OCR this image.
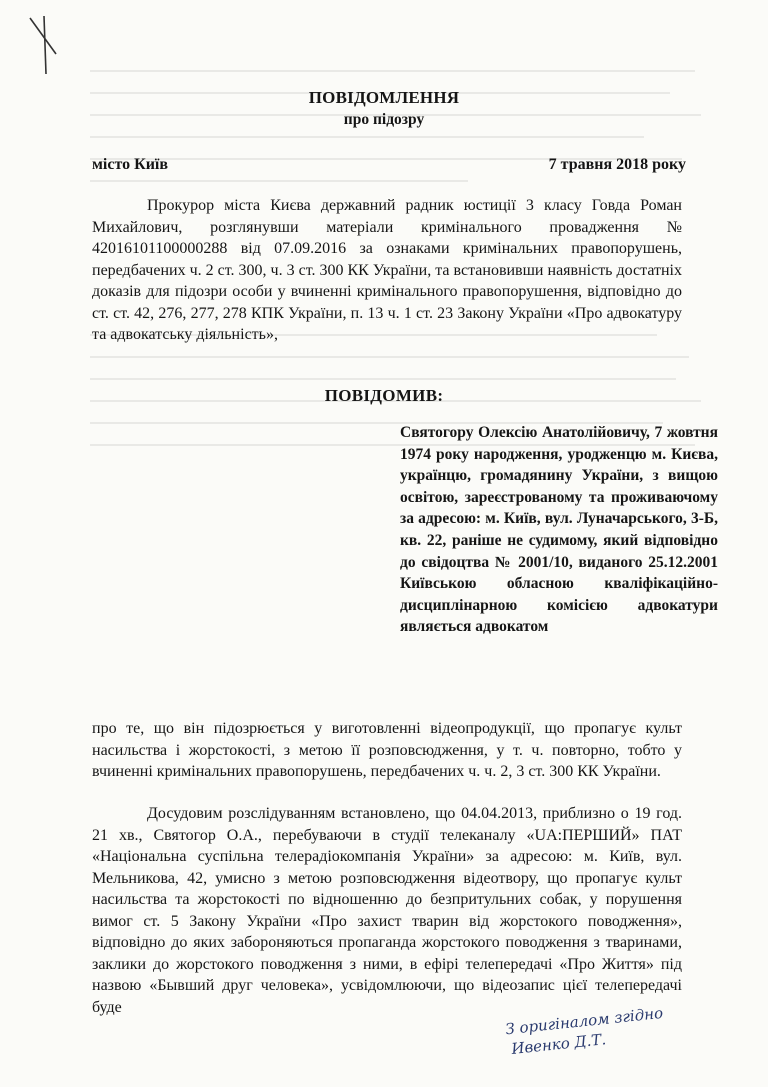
ПОВІДОМЛЕННЯ
про підозру
місто Київ	7 травня 2018 року
Прокурор міста Києва державний радник юстиції 3 класу Говда Роман Михайлович, розглянувши матеріали кримінального провадження № 42016101100000288 від 07.09.2016 за ознаками кримінальних правопорушень, передбачених ч. 2 ст. 300, ч. 3 ст. 300 КК України, та встановивши наявність достатніх доказів для підозри особи у вчиненні кримінального правопорушення, відповідно до ст. ст. 42, 276, 277, 278 КПК України, п. 13 ч. 1 ст. 23 Закону України «Про адвокатуру та адвокатську діяльність»,
ПОВІДОМИВ:
Святогору Олексію Анатолійовичу, 7 жовтня 1974 року народження, уродженцю м. Києва, українцю, громадянину України, з вищою освітою, зареєстрованому та проживаючому за адресою: м. Київ, вул. Луначарського, 3-Б, кв. 22, раніше не судимому, який відповідно до свідоцтва № 2001/10, виданого 25.12.2001 Київською обласною кваліфікаційно-дисциплінарною комісією адвокатури являється адвокатом
про те, що він підозрюється у виготовленні відеопродукції, що пропагує культ насильства і жорстокості, з метою її розповсюдження, у т. ч. повторно, тобто у вчиненні кримінальних правопорушень, передбачених ч. ч. 2, 3 ст. 300 КК України.
Досудовим розслідуванням встановлено, що 04.04.2013, приблизно о 19 год. 21 хв., Святогор О.А., перебуваючи в студії телеканалу «UA:ПЕРШИЙ» ПАТ «Національна суспільна телерадіокомпанія України» за адресою: м. Київ, вул. Мельникова, 42, умисно з метою розповсюдження відеотвору, що пропагує культ насильства та жорстокості по відношенню до безпритульних собак, у порушення вимог ст. 5 Закону України «Про захист тварин від жорстокого поводження», відповідно до яких забороняються пропаганда жорстокого поводження з тваринами, заклики до жорстокого поводження з ними, в ефірі телепередачі «Про Життя» під назвою «Бывший друг человека», усвідомлюючи, що відеозапис цієї телепередачі буде	З оригіналом згідно
Ивенко Д.Т.
